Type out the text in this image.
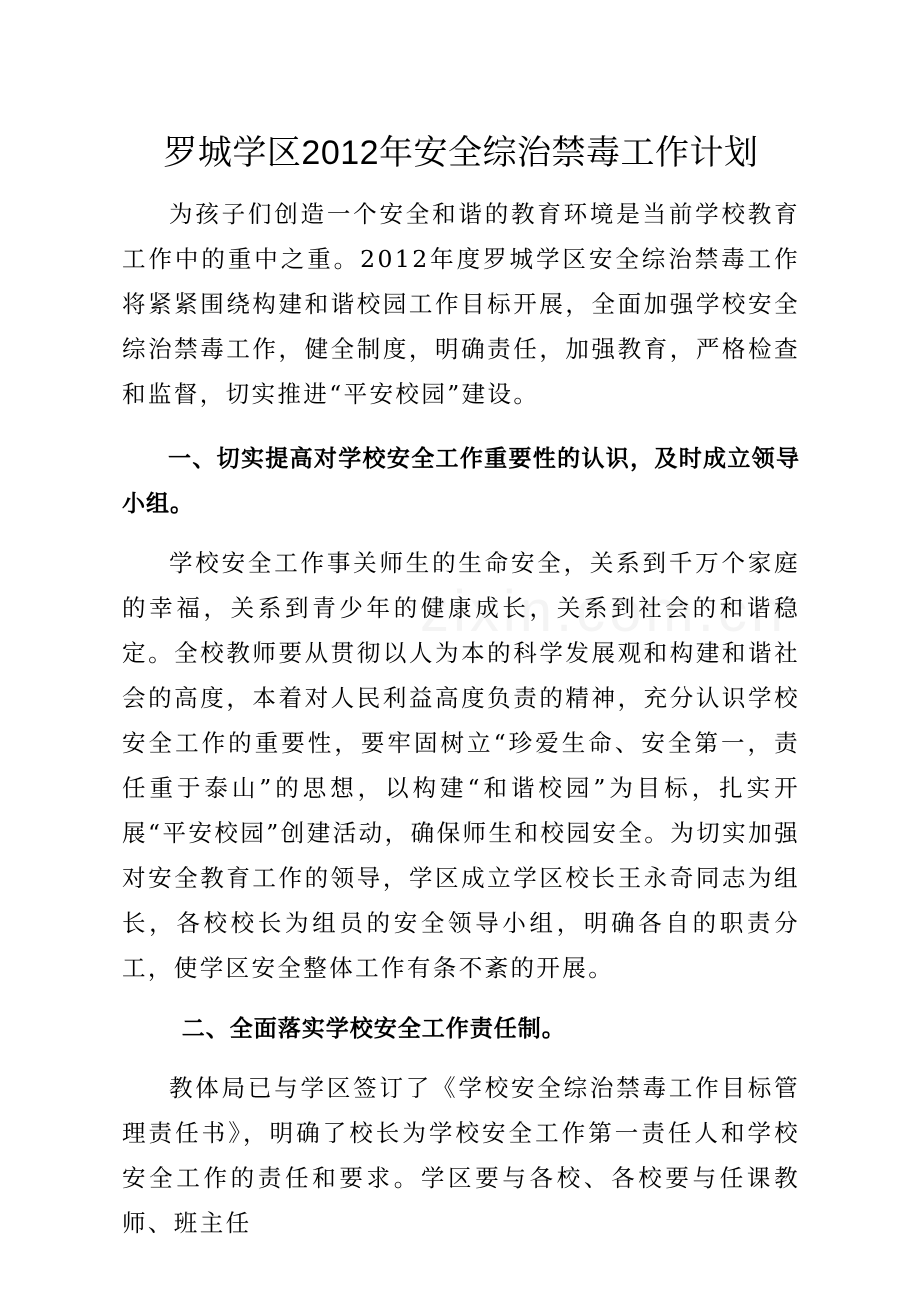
罗城学区2012年安全综治禁毒工作计划

为孩子们创造一个安全和谐的教育环境是当前学校教育工作中的重中之重。2012年度罗城学区安全综治禁毒工作将紧紧围绕构建和谐校园工作目标开展，全面加强学校安全综治禁毒工作，健全制度，明确责任，加强教育，严格检查和监督，切实推进“平安校园”建设。

一、切实提高对学校安全工作重要性的认识，及时成立领导小组。

学校安全工作事关师生的生命安全，关系到千万个家庭的幸福，关系到青少年的健康成长，关系到社会的和谐稳定。全校教师要从贯彻以人为本的科学发展观和构建和谐社会的高度，本着对人民利益高度负责的精神，充分认识学校安全工作的重要性，要牢固树立“珍爱生命、安全第一，责任重于泰山”的思想，以构建“和谐校园”为目标，扎实开展“平安校园”创建活动，确保师生和校园安全。为切实加强对安全教育工作的领导，学区成立学区校长王永奇同志为组长，各校校长为组员的安全领导小组，明确各自的职责分工，使学区安全整体工作有条不紊的开展。

二、全面落实学校安全工作责任制。

教体局已与学区签订了《学校安全综治禁毒工作目标管理责任书》，明确了校长为学校安全工作第一责任人和学校安全工作的责任和要求。学区要与各校、各校要与任课教师、班主任
